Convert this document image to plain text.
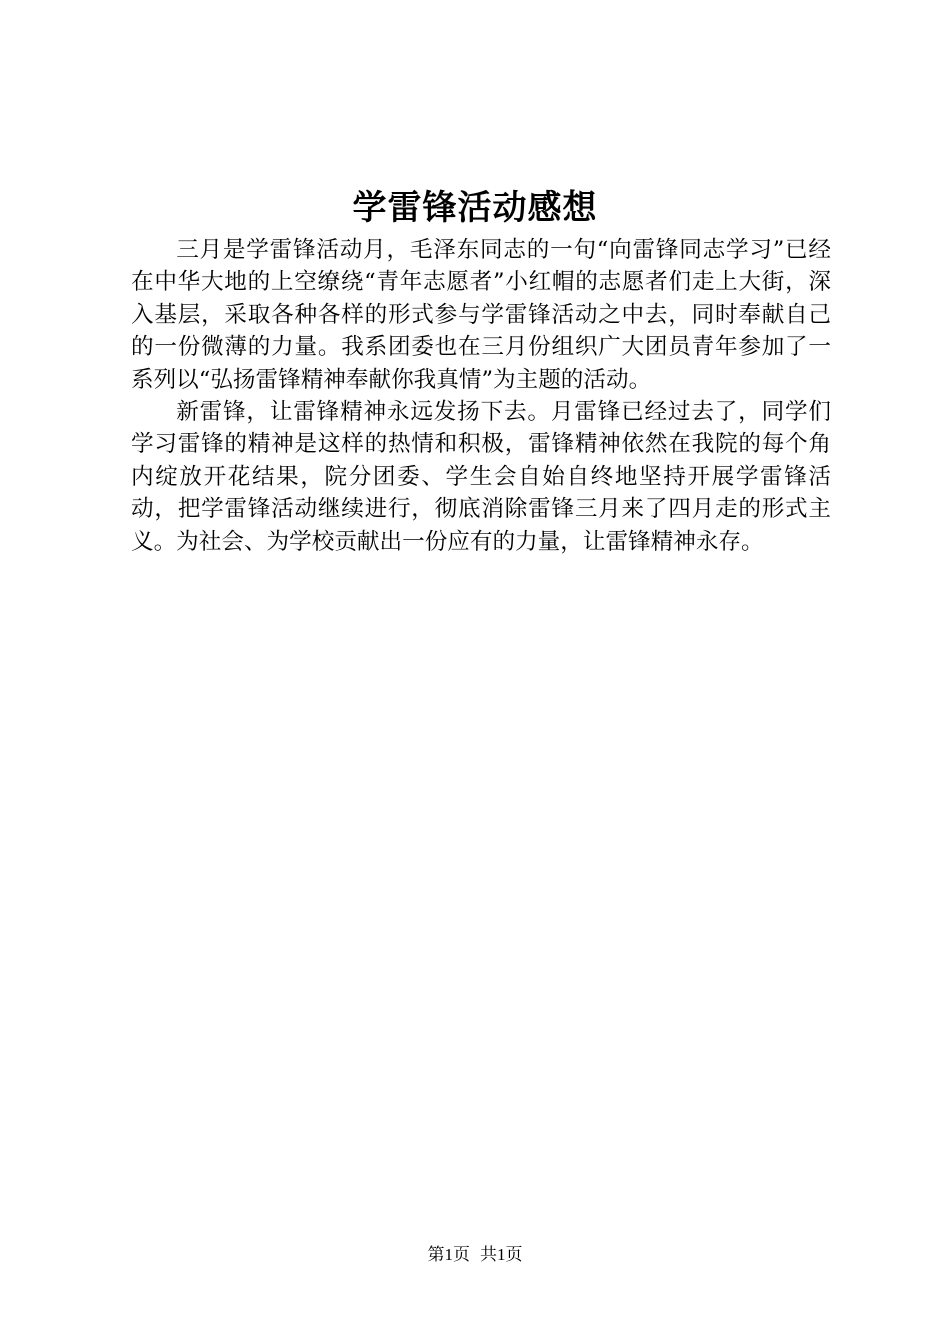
学雷锋活动感想

三月是学雷锋活动月，毛泽东同志的一句“向雷锋同志学习”已经在中华大地的上空缭绕“青年志愿者”小红帽的志愿者们走上大街，深入基层，采取各种各样的形式参与学雷锋活动之中去，同时奉献自己的一份微薄的力量。我系团委也在三月份组织广大团员青年参加了一系列以“弘扬雷锋精神奉献你我真情”为主题的活动。

新雷锋，让雷锋精神永远发扬下去。月雷锋已经过去了，同学们学习雷锋的精神是这样的热情和积极，雷锋精神依然在我院的每个角内绽放开花结果，院分团委、学生会自始自终地坚持开展学雷锋活动，把学雷锋活动继续进行，彻底消除雷锋三月来了四月走的形式主义。为社会、为学校贡献出一份应有的力量，让雷锋精神永存。

第1页 共1页
